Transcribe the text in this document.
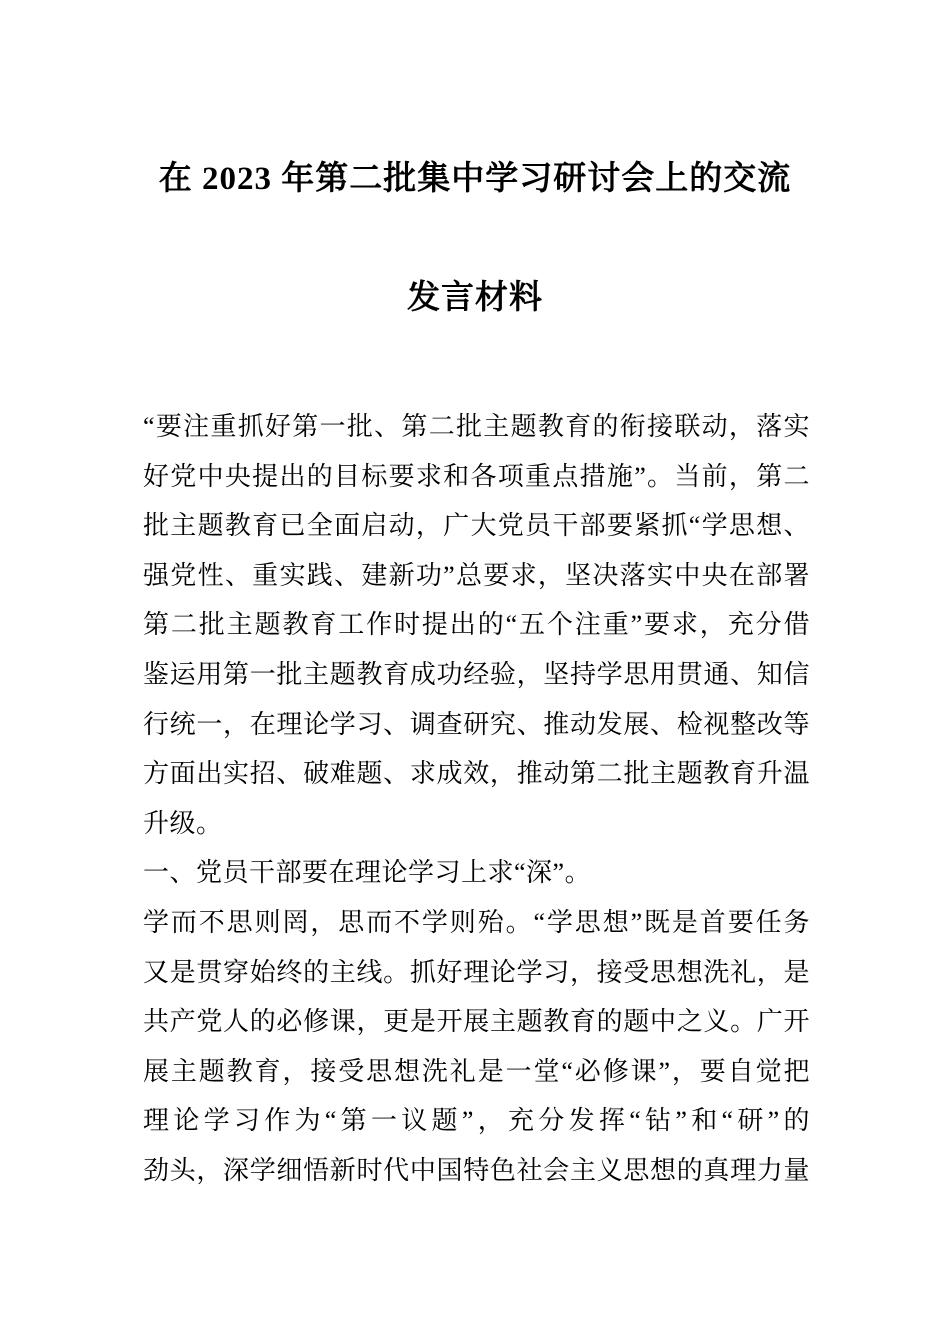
在 2023 年第二批集中学习研讨会上的交流
发言材料
“要注重抓好第一批、第二批主题教育的衔接联动，落实
好党中央提出的目标要求和各项重点措施”。当前，第二
批主题教育已全面启动，广大党员干部要紧抓“学思想、
强党性、重实践、建新功”总要求，坚决落实中央在部署
第二批主题教育工作时提出的“五个注重”要求，充分借
鉴运用第一批主题教育成功经验，坚持学思用贯通、知信
行统一，在理论学习、调查研究、推动发展、检视整改等
方面出实招、破难题、求成效，推动第二批主题教育升温
升级。
一、党员干部要在理论学习上求“深”。
学而不思则罔，思而不学则殆。“学思想”既是首要任务
又是贯穿始终的主线。抓好理论学习，接受思想洗礼，是
共产党人的必修课，更是开展主题教育的题中之义。广开
展主题教育，接受思想洗礼是一堂“必修课”，要自觉把
理论学习作为“第一议题”，充分发挥“钻”和“研”的
劲头，深学细悟新时代中国特色社会主义思想的真理力量
